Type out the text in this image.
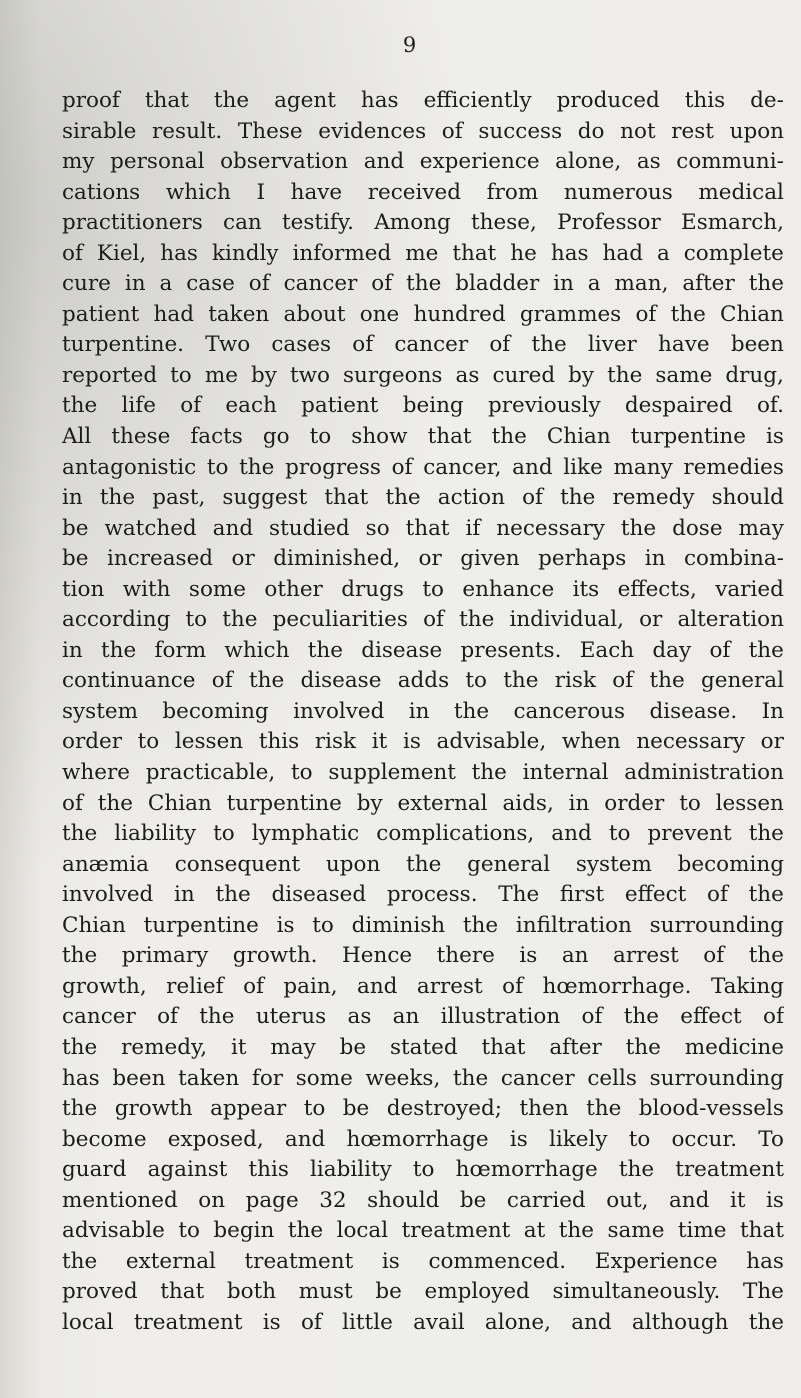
9
proof that the agent has efficiently produced this de-
sirable result. These evidences of success do not rest upon
my personal observation and experience alone, as communi-
cations which I have received from numerous medical
practitioners can testify. Among these, Professor Esmarch,
of Kiel, has kindly informed me that he has had a complete
cure in a case of cancer of the bladder in a man, after the
patient had taken about one hundred grammes of the Chian
turpentine. Two cases of cancer of the liver have been
reported to me by two surgeons as cured by the same drug,
the life of each patient being previously despaired of.
All these facts go to show that the Chian turpentine is
antagonistic to the progress of cancer, and like many remedies
in the past, suggest that the action of the remedy should
be watched and studied so that if necessary the dose may
be increased or diminished, or given perhaps in combina-
tion with some other drugs to enhance its effects, varied
according to the peculiarities of the individual, or alteration
in the form which the disease presents. Each day of the
continuance of the disease adds to the risk of the general
system becoming involved in the cancerous disease. In
order to lessen this risk it is advisable, when necessary or
where practicable, to supplement the internal administration
of the Chian turpentine by external aids, in order to lessen
the liability to lymphatic complications, and to prevent the
anæmia consequent upon the general system becoming
involved in the diseased process. The first effect of the
Chian turpentine is to diminish the infiltration surrounding
the primary growth. Hence there is an arrest of the
growth, relief of pain, and arrest of hœmorrhage. Taking
cancer of the uterus as an illustration of the effect of
the remedy, it may be stated that after the medicine
has been taken for some weeks, the cancer cells surrounding
the growth appear to be destroyed; then the blood-vessels
become exposed, and hœmorrhage is likely to occur. To
guard against this liability to hœmorrhage the treatment
mentioned on page 32 should be carried out, and it is
advisable to begin the local treatment at the same time that
the external treatment is commenced. Experience has
proved that both must be employed simultaneously. The
local treatment is of little avail alone, and although the
